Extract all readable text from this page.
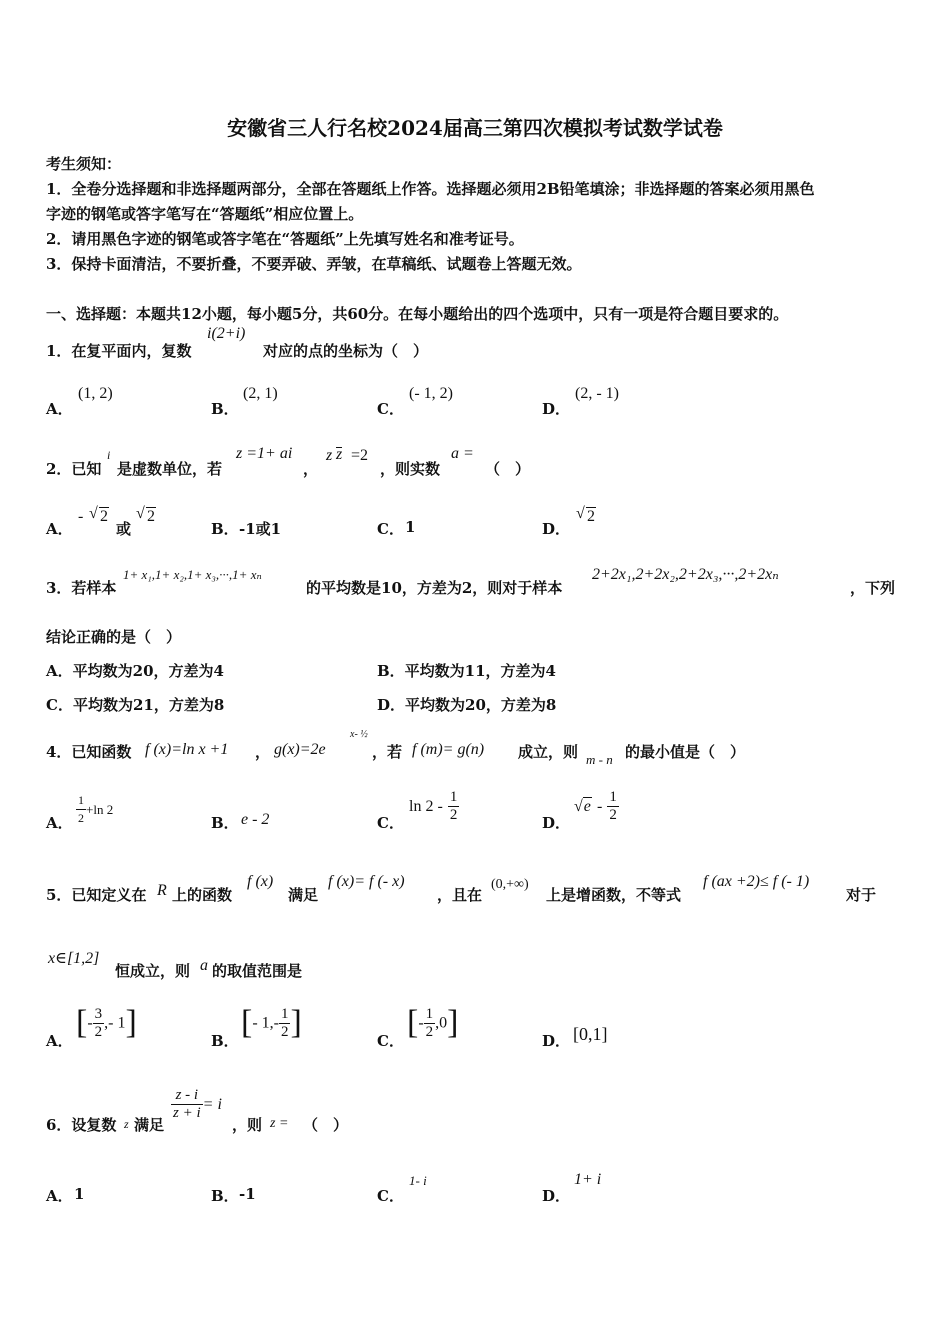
安徽省三人行名校2024届高三第四次模拟考试数学试卷
考生须知：
1．全卷分选择题和非选择题两部分，全部在答题纸上作答。选择题必须用2B铅笔填涂；非选择题的答案必须用黑色
字迹的钢笔或答字笔写在“答题纸”相应位置上。
2．请用黑色字迹的钢笔或答字笔在“答题纸”上先填写姓名和准考证号。
3．保持卡面清洁，不要折叠，不要弄破、弄皱，在草稿纸、试题卷上答题无效。
一、选择题：本题共12小题，每小题5分，共60分。在每小题给出的四个选项中，只有一项是符合题目要求的。
1．在复平面内，复数
i(2+i)
对应的点的坐标为（　）
A．
(1, 2)
B．
(2, 1)
C．
(- 1, 2)
D．
(2, - 1)
2．已知
i
是虚数单位，若
z =1+ ai
，
z z =2
，则实数
a =
（　）
A．
- √ 2
或
√ 2
B． -1或1	C． 1	D．
√ 2
3．若样本
1+ x₁,1+ x₂,1+ x₃,···,1+ xₙ
的平均数是10，方差为2，则对于样本
2+2x₁,2+2x₂,2+2x₃,···,2+2xₙ
，下列
结论正确的是（　）
A．平均数为20，方差为4	B．平均数为11，方差为4
C．平均数为21，方差为8	D．平均数为20，方差为8
4．已知函数 f (x)=ln x +1 ， g(x)=2e
x- ½
，若 f (m)= g(n) 成立，则 m - n 的最小值是（　）
A． $\frac{1}{2} +\ln$ 2
B． e - 2	C．
$\ln 2 - \frac{1}{2}$	D．
$√e - \frac{1}{2}$
5．已知定义在 R 上的函数
f (x)
满足
f (x)= f (- x)
，且在
(0,+∞)
上是增函数，不等式
f (ax +2)≤ f (- 1)
对于
x∈[1,2]
恒成立，则 a 的取值范围是
A． [- $\frac{3}{2}$ ,- 1]	B． [- $1,- \frac{1}{2}$ ]	C． [- $\frac{1}{2} ,0$]	D． [0,1]
6．设复数 z 满足
$\frac{z - i}{z + i} = i$
，则 z = （　）
A． 1	B． -1	C．
1- i
D．
1+ i
